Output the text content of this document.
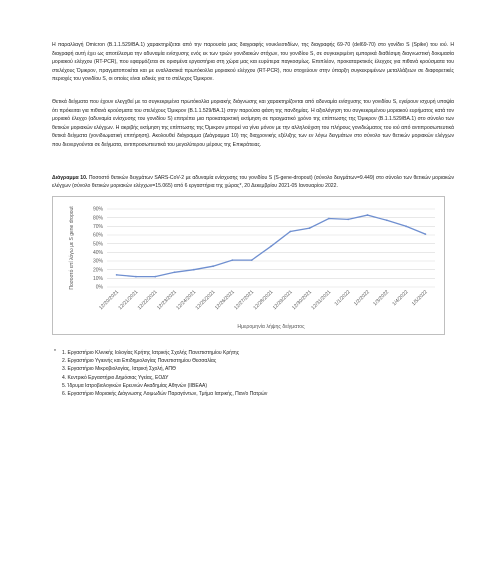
Η παραλλαγή Omicron (B.1.1.529/BA.1) χαρακτηρίζεται από την παρουσία μιας διαγραφής νουκλεοτιδίων, της διαγραφής 69-70 (del69-70) στο γονίδιο S (Spike) του ιού. Η διαγραφή αυτή έχει ως αποτέλεσμα την αδυναμία ενίσχυσης ενός εκ των τριών γονιδιακών στόχων, του γονιδίου S, σε συγκεκριμένη εμπορικά διαθέσιμη διαγνωστική δοκιμασία μοριακού ελέγχου (RT-PCR), που εφαρμόζεται σε ορισμένα εργαστήρια στη χώρα μας και ευρύτερα παγκοσμίως. Επιπλέον, προκαταρκτικός έλεγχος για πιθανά κρούσματα του στελέχους Όμικρον, πραγματοποιείται και με εναλλακτικά πρωτόκολλα μοριακού ελέγχου (RT-PCR), που στοχεύουν στην ύπαρξη συγκεκριμένων μεταλλάξεων σε διαφορετικές περιοχές του γονιδίου S, οι οποίες είναι ειδικές για το στέλεχος Όμικρον.

Θετικά δείγματα που έχουν ελεγχθεί με τα συγκεκριμένα πρωτόκολλα μοριακής διάγνωσης και χαρακτηρίζονται από αδυναμία ενίσχυσης του γονιδίου S, εγείρουν ισχυρή υποψία ότι πρόκειται για πιθανά κρούσματα του στελέχους Όμικρον (B.1.1.529/BA.1) στην παρούσα φάση της πανδημίας. Η αξιολόγηση του συγκεκριμένου μοριακού ευρήματος κατά τον μοριακό έλεγχο (αδυναμία ενίσχυσης του γονιδίου S) επιτρέπει μια προκαταρκτική εκτίμηση σε πραγματικό χρόνο της επίπτωσης της Όμικρον (B.1.1.529/BA.1) στο σύνολο των θετικών μοριακών ελέγχων. Η ακριβής εκτίμηση της επίπτωσης της Όμικρον μπορεί να γίνει μόνον με την αλληλούχιση του πλήρους γονιδιώματος του ιού από αντιπροσωπευτικά θετικά δείγματα (γονιδιωματική επιτήρηση). Ακολουθεί διάγραμμα (Διάγραμμα 10) της διαχρονικής εξέλιξης των εν λόγω δειγμάτων στο σύνολο των θετικών μοριακών ελέγχων που διενεργούνται σε δείγματα, αντιπροσωπευτικά του μεγαλύτερου μέρους της Επικράτειας.

Διάγραμμα 10. Ποσοστό θετικών δειγμάτων SARS-CoV-2 με αδυναμία ενίσχυσης του γονιδίου S (S-gene-dropout) (σύνολο δειγμάτων=9.449) στο σύνολο των θετικών μοριακών ελέγχων (σύνολο θετικών μοριακών ελέγχων=15.065) από 6 εργαστήρια της χώρας*, 20 Δεκεμβρίου 2021-05 Ιανουαρίου 2022.

0%
10%
20%
30%
40%
50%
60%
70%
80%
90%
12/20/2021
12/21/2021
12/22/2021
12/23/2021
12/24/2021
12/25/2021
12/26/2021
12/27/2021
12/28/2021
12/29/2021
12/30/2021
12/31/2021 1/1/2022 1/2/2022 1/3/2022 1/4/2022 1/5/2022
Ποσοστό επί λόγω με S gene dropout
Ημερομηνία λήψης δείγματος
* 1. Εργαστήριο Κλινικής Ιολογίας Κρήτης Ιατρικής Σχολής Πανεπιστημίου Κρήτης
2. Εργαστήριο Υγιεινής και Επιδημιολογίας Πανεπιστημίου Θεσσαλίας
3. Εργαστήριο Μικροβιολογίας, Ιατρική Σχολή, ΑΠΘ
4. Κεντρικό Εργαστήριο Δημόσιας Υγείας, ΕΟΔΥ
5. Ίδρυμα Ιατροβιολογικών Ερευνών Ακαδημίας Αθηνών (ΙΙΒΕΑΑ)
6. Εργαστήριο Μοριακής Διάγνωσης Λοιμωδών Παραγόντων, Τμήμα Ιατρικής, Παν/ο Πατρών
